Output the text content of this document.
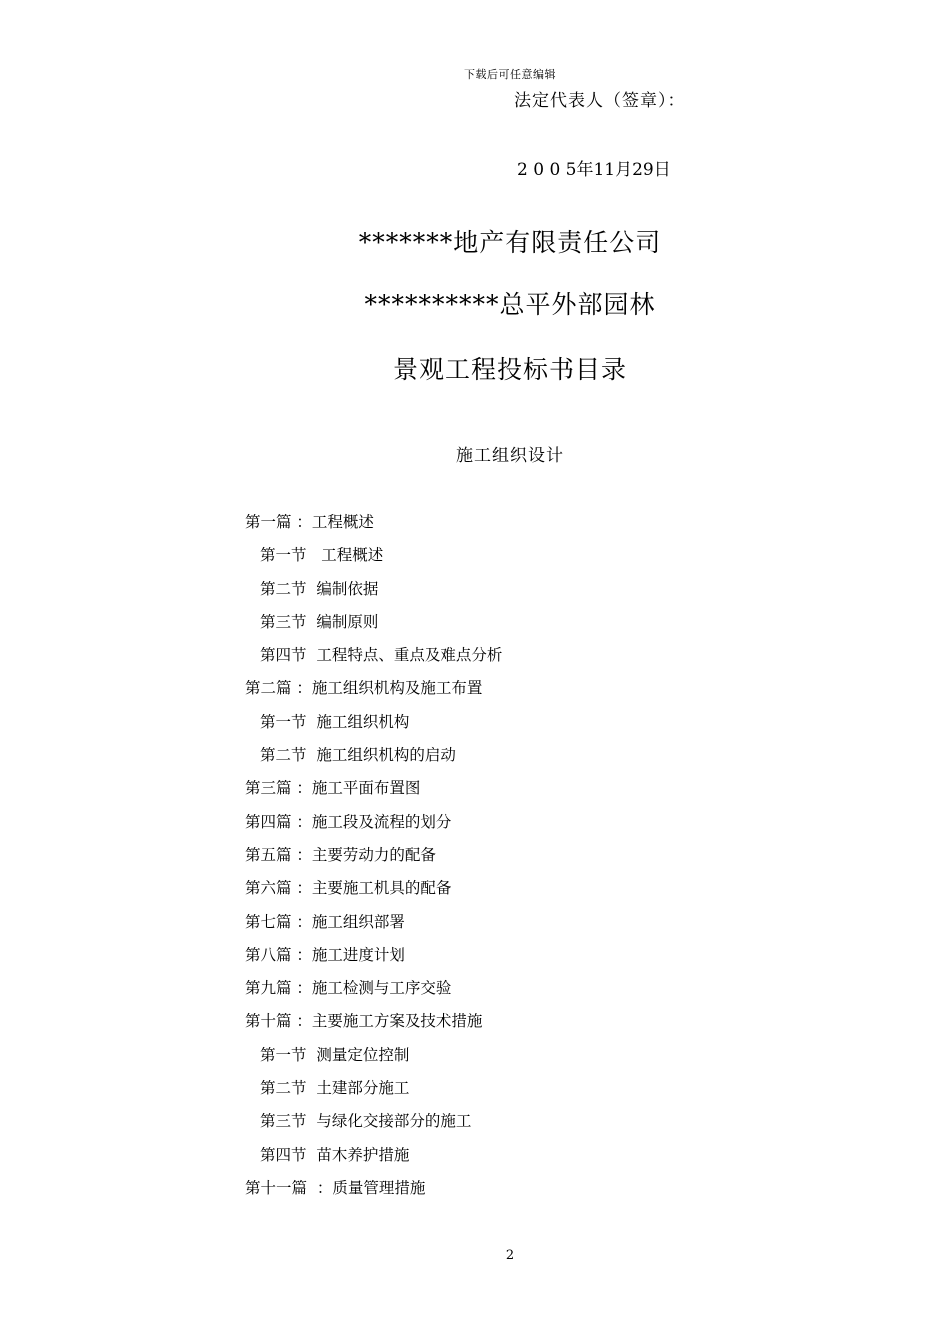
下载后可任意编辑
法定代表人（签章）：
2 0 0 5年11月29日
*******地产有限责任公司
**********总平外部园林
景观工程投标书目录
施工组织设计
第一篇 ：工程概述
第一节   工程概述
第二节  编制依据
第三节  编制原则
第四节  工程特点、重点及难点分析
第二篇 ：施工组织机构及施工布置
第一节  施工组织机构
第二节  施工组织机构的启动
第三篇 ：施工平面布置图
第四篇 ：施工段及流程的划分
第五篇 ：主要劳动力的配备
第六篇 ：主要施工机具的配备
第七篇 ：施工组织部署
第八篇 ：施工进度计划
第九篇 ：施工检测与工序交验
第十篇 ：主要施工方案及技术措施
第一节  测量定位控制
第二节  土建部分施工
第三节  与绿化交接部分的施工
第四节  苗木养护措施
第十一篇  ：质量管理措施
2
